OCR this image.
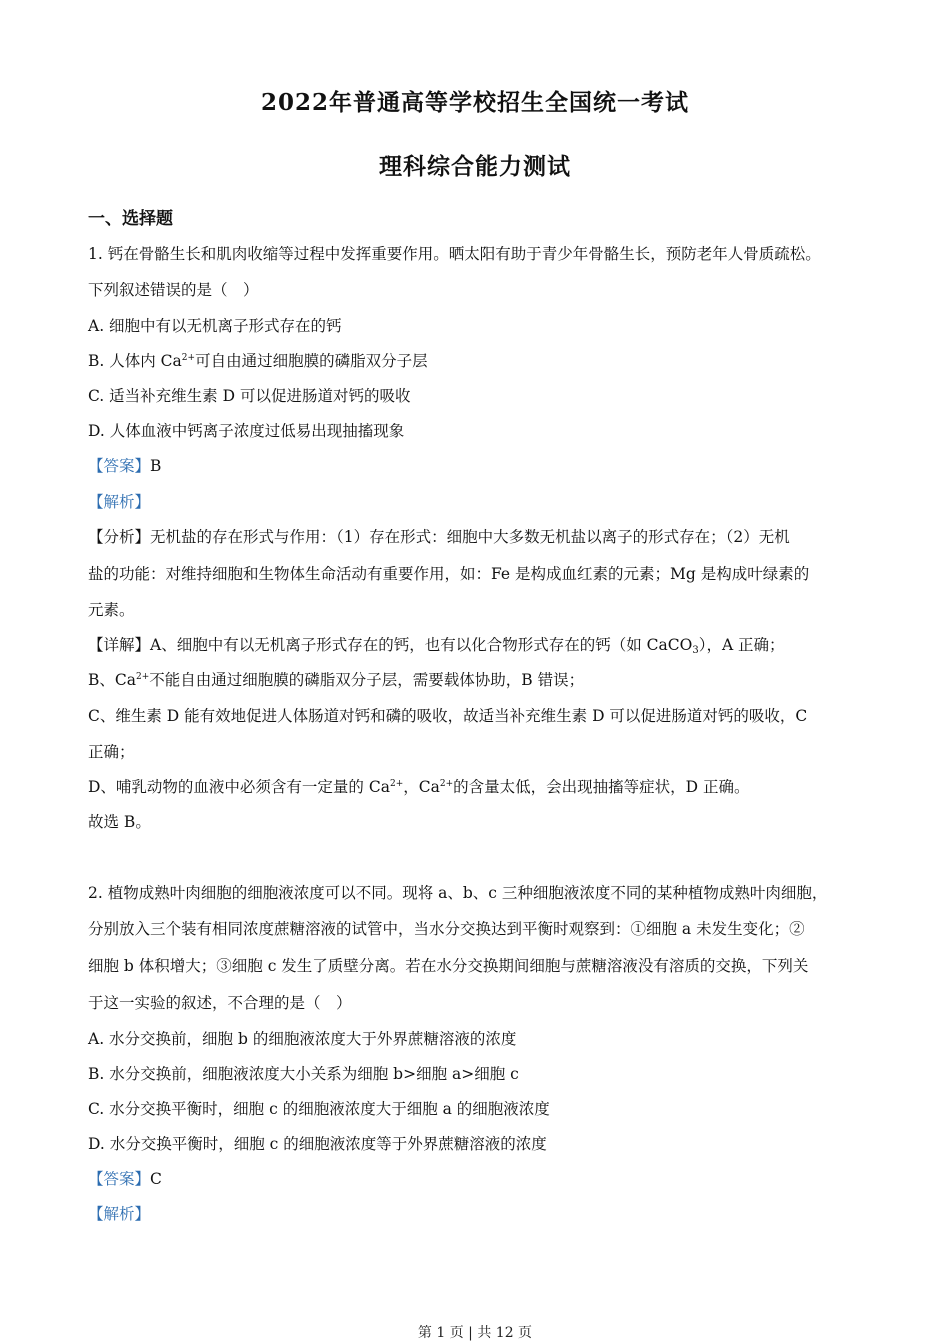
2022年普通高等学校招生全国统一考试
理科综合能力测试
一、选择题
1. 钙在骨骼生长和肌肉收缩等过程中发挥重要作用。晒太阳有助于青少年骨骼生长，预防老年人骨质疏松。
下列叙述错误的是（　）
A. 细胞中有以无机离子形式存在的钙
B. 人体内 $Ca^{2+}$可自由通过细胞膜的磷脂双分子层
C. 适当补充维生素 D 可以促进肠道对钙的吸收
D. 人体血液中钙离子浓度过低易出现抽搐现象
【答案】B
【解析】
【分析】无机盐的存在形式与作用：（1）存在形式：细胞中大多数无机盐以离子的形式存在；（2）无机
盐的功能：对维持细胞和生物体生命活动有重要作用，如：Fe 是构成血红素的元素；Mg 是构成叶绿素的
元素。
【详解】A、细胞中有以无机离子形式存在的钙，也有以化合物形式存在的钙（如 CaCO$_3$），A 正确；
B、$Ca^{2+}$不能自由通过细胞膜的磷脂双分子层，需要载体协助，B 错误；
C、维生素 D 能有效地促进人体肠道对钙和磷的吸收，故适当补充维生素 D 可以促进肠道对钙的吸收，C
正确；
D、哺乳动物的血液中必须含有一定量的 $Ca^{2+}$，$Ca^{2+}$的含量太低，会出现抽搐等症状，D 正确。
故选 B。
2. 植物成熟叶肉细胞的细胞液浓度可以不同。现将 a、b、c 三种细胞液浓度不同的某种植物成熟叶肉细胞，
分别放入三个装有相同浓度蔗糖溶液的试管中，当水分交换达到平衡时观察到：①细胞 a 未发生变化；②
细胞 b 体积增大；③细胞 c 发生了质壁分离。若在水分交换期间细胞与蔗糖溶液没有溶质的交换，下列关
于这一实验的叙述，不合理的是（　）
A. 水分交换前，细胞 b 的细胞液浓度大于外界蔗糖溶液的浓度
B. 水分交换前，细胞液浓度大小关系为细胞 b>细胞 a>细胞 c
C. 水分交换平衡时，细胞 c 的细胞液浓度大于细胞 a 的细胞液浓度
D. 水分交换平衡时，细胞 c 的细胞液浓度等于外界蔗糖溶液的浓度
【答案】C
【解析】
第 1 页 | 共 12 页
